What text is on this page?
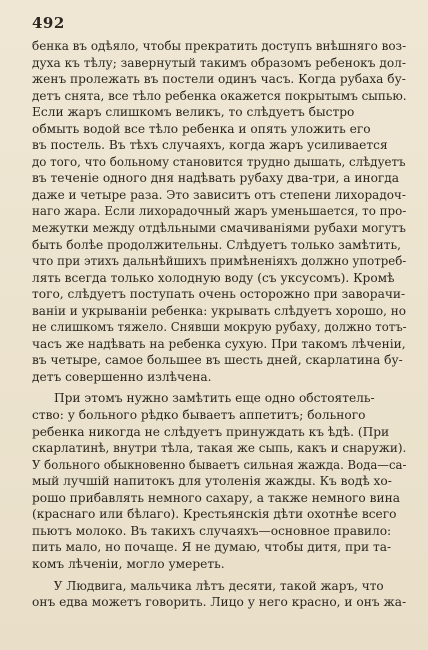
492

бенка въ одѣяло, чтобы прекратить доступъ внѣшняго воз-
духа къ тѣлу; завернутый такимъ образомъ ребенокъ дол-
женъ пролежать въ постели одинъ часъ. Когда рубаха бу-
детъ снята, все тѣло ребенка окажется покрытымъ сыпью.
Если жаръ слишкомъ великъ, то слѣдуетъ быстро
обмыть водой все тѣло ребенка и опять уложить его
въ постель. Въ тѣхъ случаяхъ, когда жаръ усиливается
до того, что больному становится трудно дышать, слѣдуетъ
въ теченіе одного дня надѣвать рубаху два-три, а иногда
даже и четыре раза. Это зависитъ отъ степени лихорадоч-
наго жара. Если лихорадочный жаръ уменьшается, то про-
межутки между отдѣльными смачиваніями рубахи могутъ
быть болѣе продолжительны. Слѣдуетъ только замѣтить,
что при этихъ дальнѣйшихъ примѣненіяхъ должно употреб-
лять всегда только холодную воду (съ уксусомъ). Кромѣ
того, слѣдуетъ поступать очень осторожно при заворачи-
ваніи и укрываніи ребенка: укрывать слѣдуетъ хорошо, но
не слишкомъ тяжело. Снявши мокрую рубаху, должно тотъ-
часъ же надѣвать на ребенка сухую. При такомъ лѣченіи,
въ четыре, самое большее въ шесть дней, скарлатина бу-
детъ совершенно излѣчена.

При этомъ нужно замѣтить еще одно обстоятель-
ство: у больного рѣдко бываетъ аппетитъ; больного
ребенка никогда не слѣдуетъ принуждать къ ѣдѣ. (При
скарлатинѣ, внутри тѣла, такая же сыпь, какъ и снаружи).
У больного обыкновенно бываетъ сильная жажда. Вода—са-
мый лучшій напитокъ для утоленія жажды. Къ водѣ хо-
рошо прибавлять немного сахару, а также немного вина
(краснаго или бѣлаго). Крестьянскія дѣти охотнѣе всего
пьютъ молоко. Въ такихъ случаяхъ—основное правило:
пить мало, но почаще. Я не думаю, чтобы дитя, при та-
комъ лѣченіи, могло умереть.

У Людвига, мальчика лѣтъ десяти, такой жаръ, что
онъ едва можетъ говорить. Лицо у него красно, и онъ жа-
